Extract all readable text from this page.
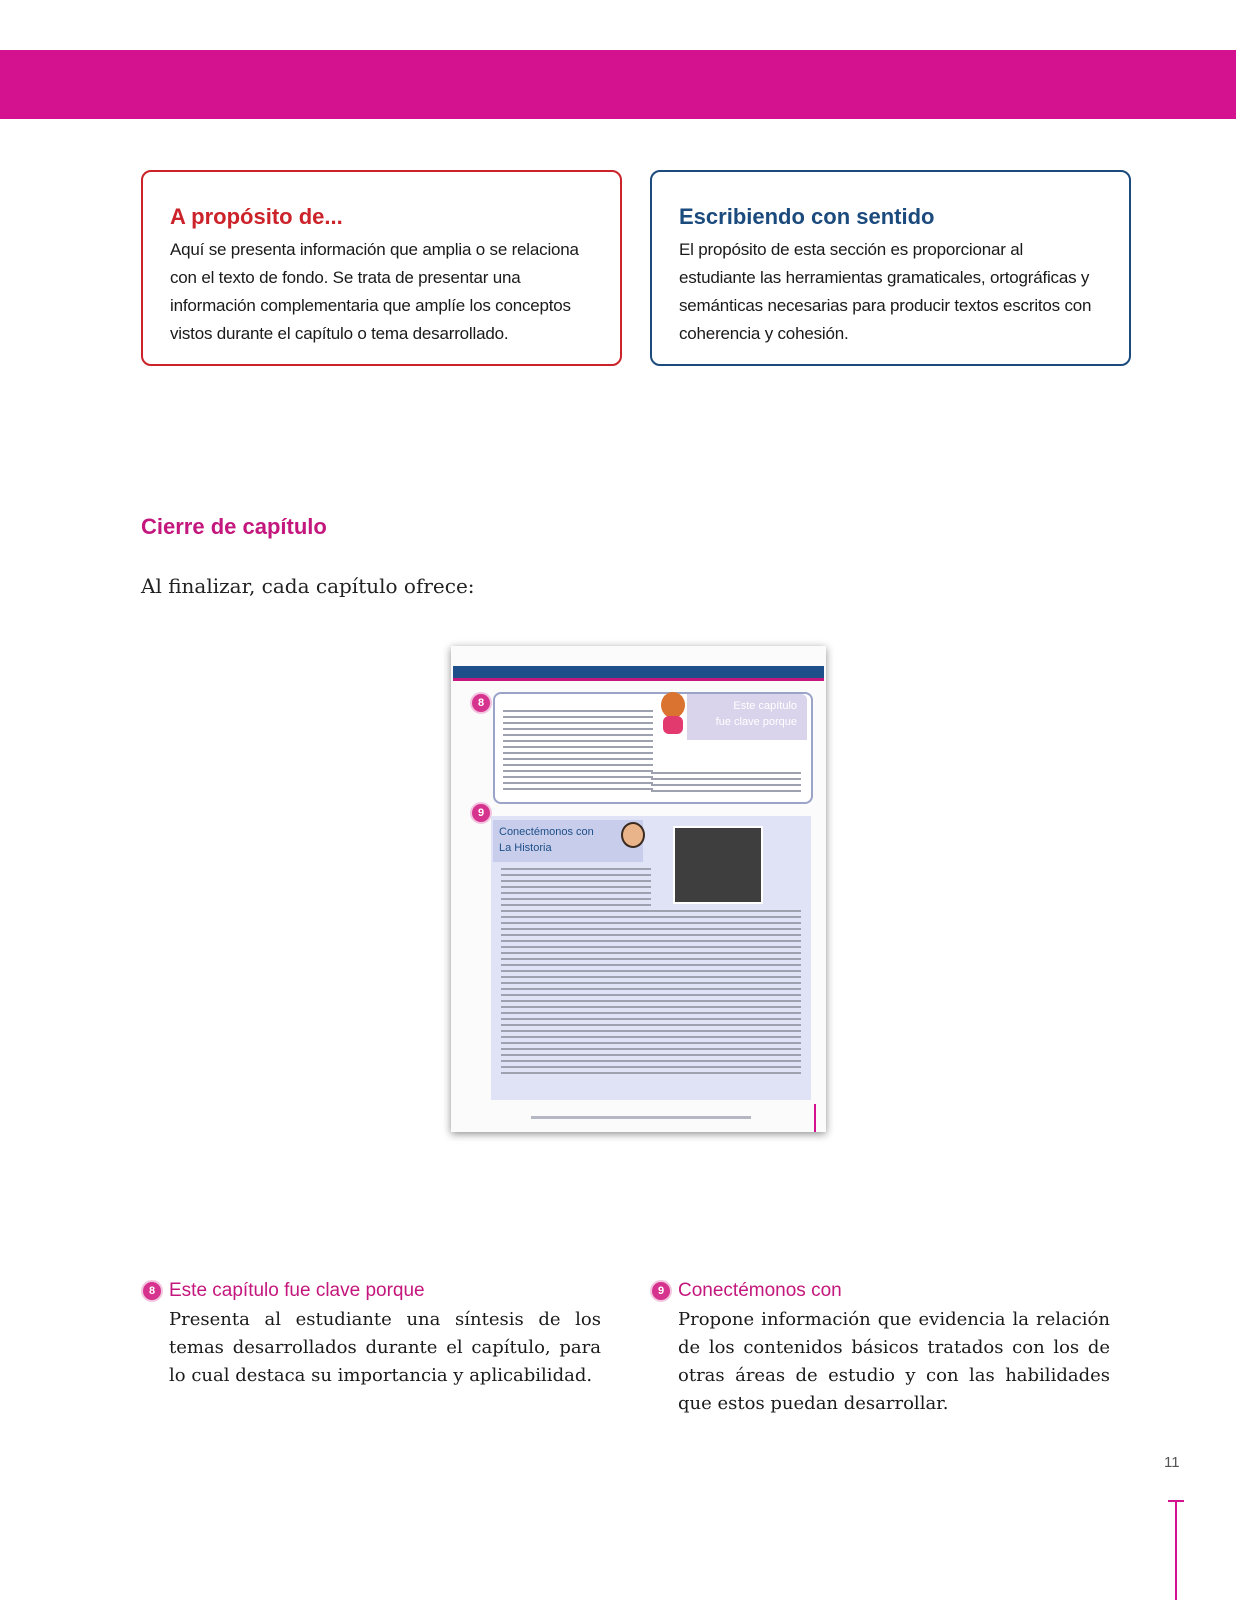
A propósito de...
Aquí se presenta información que amplia o se relaciona con el texto de fondo. Se trata de presentar una información complementaria que amplíe los conceptos vistos durante el capítulo o tema desarrollado.
Escribiendo con sentido
El propósito de esta sección es proporcionar al estudiante las herramientas gramaticales, ortográficas y semánticas necesarias para producir textos escritos con coherencia y cohesión.
Cierre de capítulo

Al finalizar, cada capítulo ofrece:

Este capítulo
fue clave porque
8
9
Conectémonos con
La Historia
8 Este capítulo fue clave porque
Presenta al estudiante una síntesis de los temas desarrollados durante el capítulo, para lo cual destaca su importancia y aplicabilidad.
9 Conectémonos con
Propone información que evidencia la relación de los contenidos básicos tratados con los de otras áreas de estudio y con las habilidades que estos puedan desarrollar.
11
